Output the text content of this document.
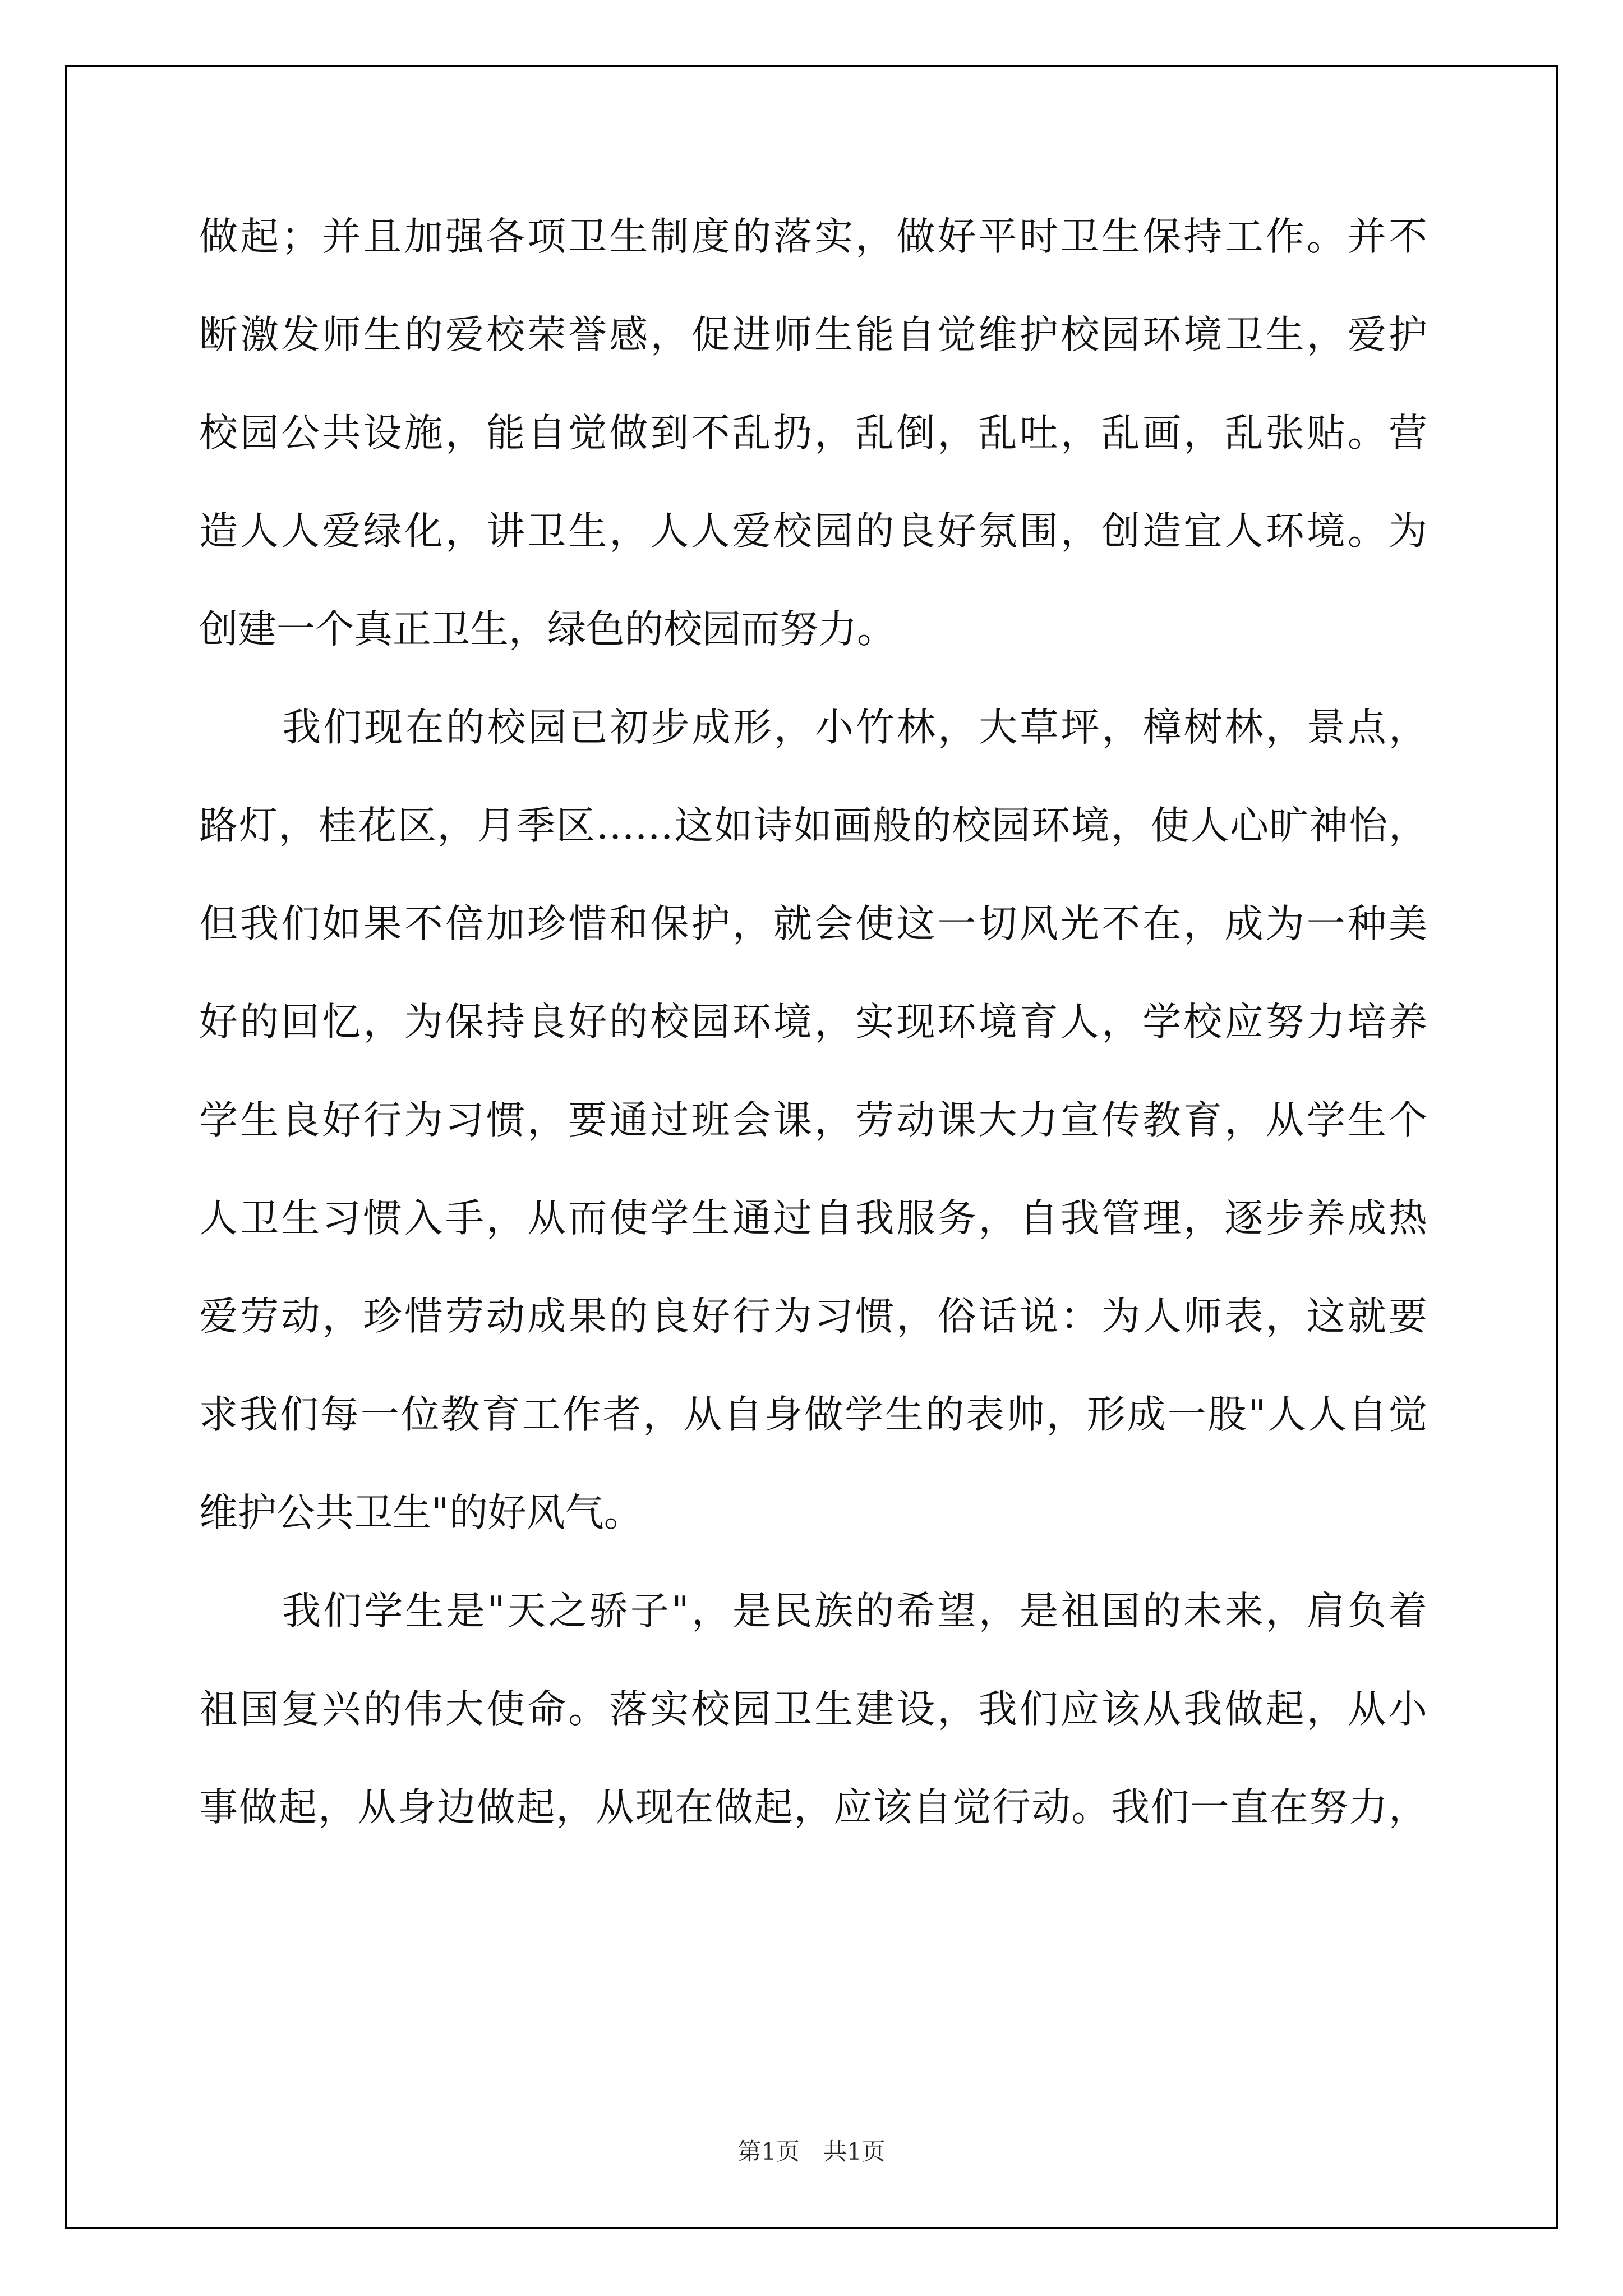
做起；并且加强各项卫生制度的落实，做好平时卫生保持工作。并不
断激发师生的爱校荣誉感，促进师生能自觉维护校园环境卫生，爱护
校园公共设施，能自觉做到不乱扔，乱倒，乱吐，乱画，乱张贴。营
造人人爱绿化，讲卫生，人人爱校园的良好氛围，创造宜人环境。为
创建一个真正卫生，绿色的校园而努力。
我们现在的校园已初步成形，小竹林，大草坪，樟树林，景点，
路灯，桂花区，月季区……这如诗如画般的校园环境，使人心旷神怡，
但我们如果不倍加珍惜和保护，就会使这一切风光不在，成为一种美
好的回忆，为保持良好的校园环境，实现环境育人，学校应努力培养
学生良好行为习惯，要通过班会课，劳动课大力宣传教育，从学生个
人卫生习惯入手，从而使学生通过自我服务，自我管理，逐步养成热
爱劳动，珍惜劳动成果的良好行为习惯，俗话说：为人师表，这就要
求我们每一位教育工作者，从自身做学生的表帅，形成一股"人人自觉
维护公共卫生"的好风气。
我们学生是"天之骄子"，是民族的希望，是祖国的未来，肩负着
祖国复兴的伟大使命。落实校园卫生建设，我们应该从我做起，从小
事做起，从身边做起，从现在做起，应该自觉行动。我们一直在努力，
第1页　共1页
